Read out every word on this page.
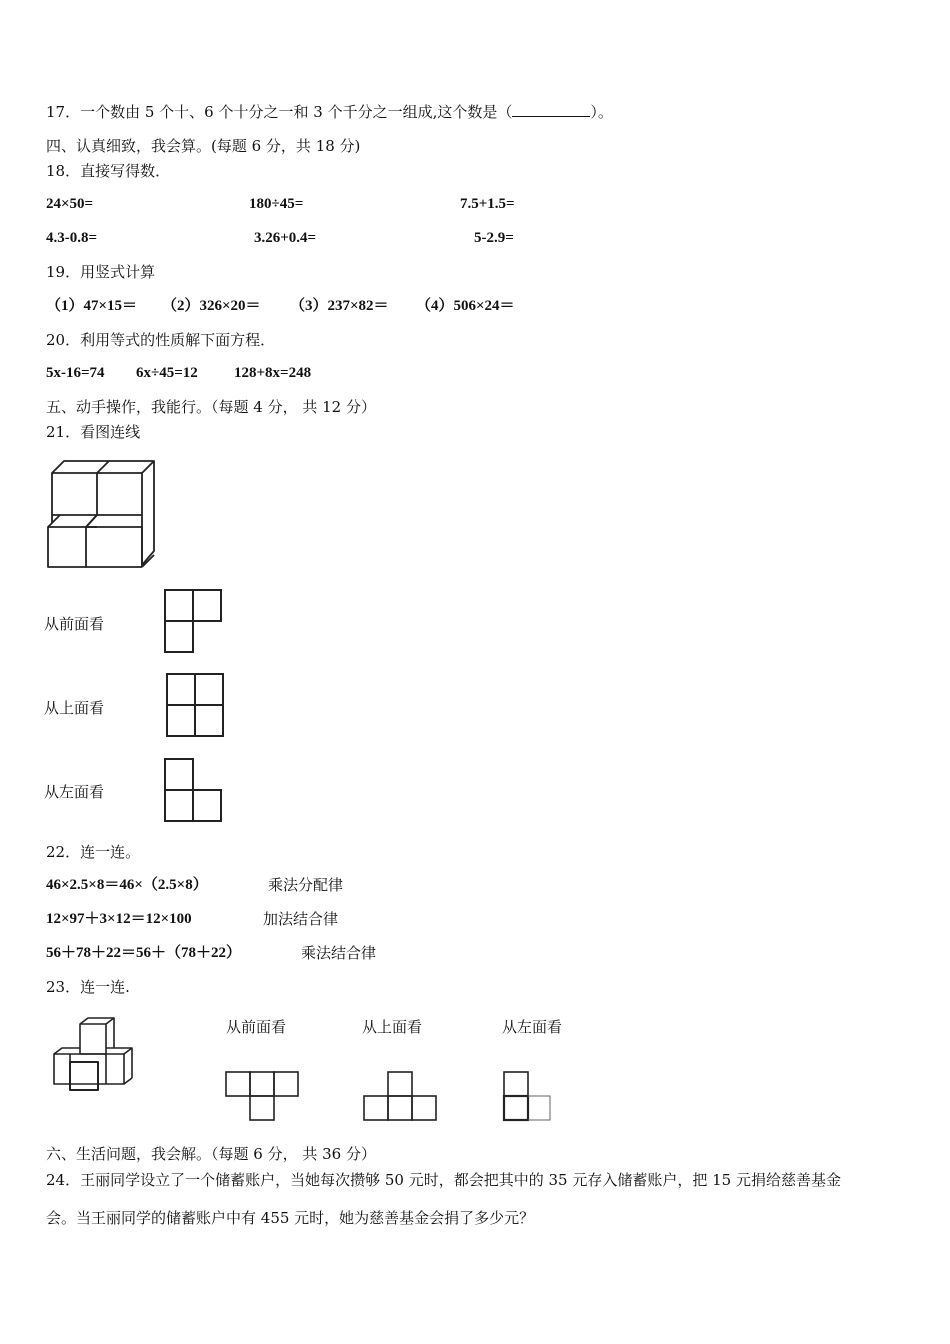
17．一个数由 5 个十、6 个十分之一和 3 个千分之一组成,这个数是（	）。
四、认真细致，我会算。(每题 6 分，共 18 分)
18．直接写得数．
24×50=	180÷45=	7.5+1.5=
4.3-0.8=	3.26+0.4=	5-2.9=
19．用竖式计算
（1）47×15＝ （2）326×20＝ （3）237×82＝ （4）506×24＝
20．利用等式的性质解下面方程．
5x-16=74 6x÷45=12 128+8x=248
五、动手操作，我能行。（每题 4 分， 共 12 分）
21．看图连线
从前面看
从上面看
从左面看
22．连一连。
46×2.5×8＝46×（2.5×8）	乘法分配律
12×97＋3×12＝12×100	加法结合律
56＋78＋22＝56＋（78＋22）	乘法结合律
23．连一连.
从前面看	从上面看	从左面看
六、生活问题，我会解。（每题 6 分， 共 36 分）
24．王丽同学设立了一个储蓄账户，当她每次攒够 50 元时，都会把其中的 35 元存入储蓄账户，把 15 元捐给慈善基金
会。当王丽同学的储蓄账户中有 455 元时，她为慈善基金会捐了多少元？
